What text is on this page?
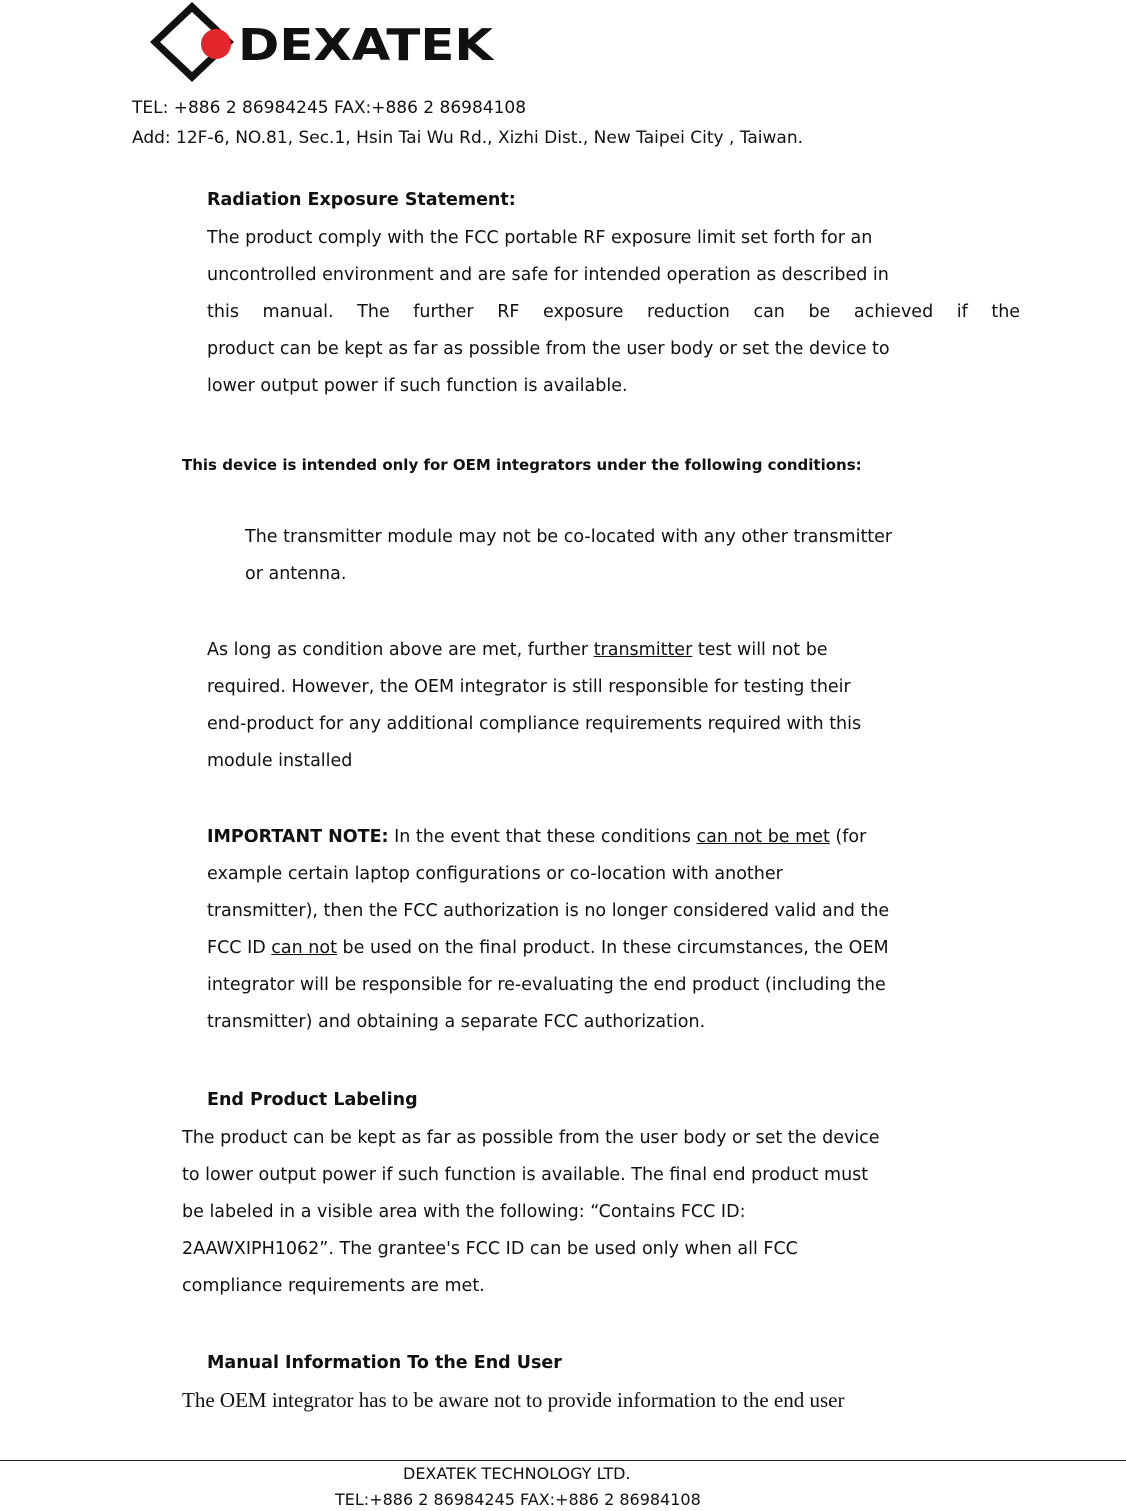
DEXATEK
TEL: +886 2 86984245 FAX:+886 2 86984108
Add: 12F-6, NO.81, Sec.1, Hsin Tai Wu Rd., Xizhi Dist., New Taipei City , Taiwan.
Radiation Exposure Statement:
The product comply with the FCC portable RF exposure limit set forth for an
uncontrolled environment and are safe for intended operation as described in
this manual. The further RF exposure reduction can be achieved if the
product can be kept as far as possible from the user body or set the device to
lower output power if such function is available.
This device is intended only for OEM integrators under the following conditions:
The transmitter module may not be co-located with any other transmitter
or antenna.
As long as condition above are met, further transmitter test will not be
required. However, the OEM integrator is still responsible for testing their
end-product for any additional compliance requirements required with this
module installed
IMPORTANT NOTE: In the event that these conditions can not be met (for
example certain laptop configurations or co-location with another
transmitter), then the FCC authorization is no longer considered valid and the
FCC ID can not be used on the final product. In these circumstances, the OEM
integrator will be responsible for re-evaluating the end product (including the
transmitter) and obtaining a separate FCC authorization.
End Product Labeling
The product can be kept as far as possible from the user body or set the device
to lower output power if such function is available. The final end product must
be labeled in a visible area with the following: “Contains FCC ID:
2AAWXIPH1062”. The grantee's FCC ID can be used only when all FCC
compliance requirements are met.
Manual Information To the End User
The OEM integrator has to be aware not to provide information to the end user
DEXATEK TECHNOLOGY LTD.
TEL:+886 2 86984245 FAX:+886 2 86984108
